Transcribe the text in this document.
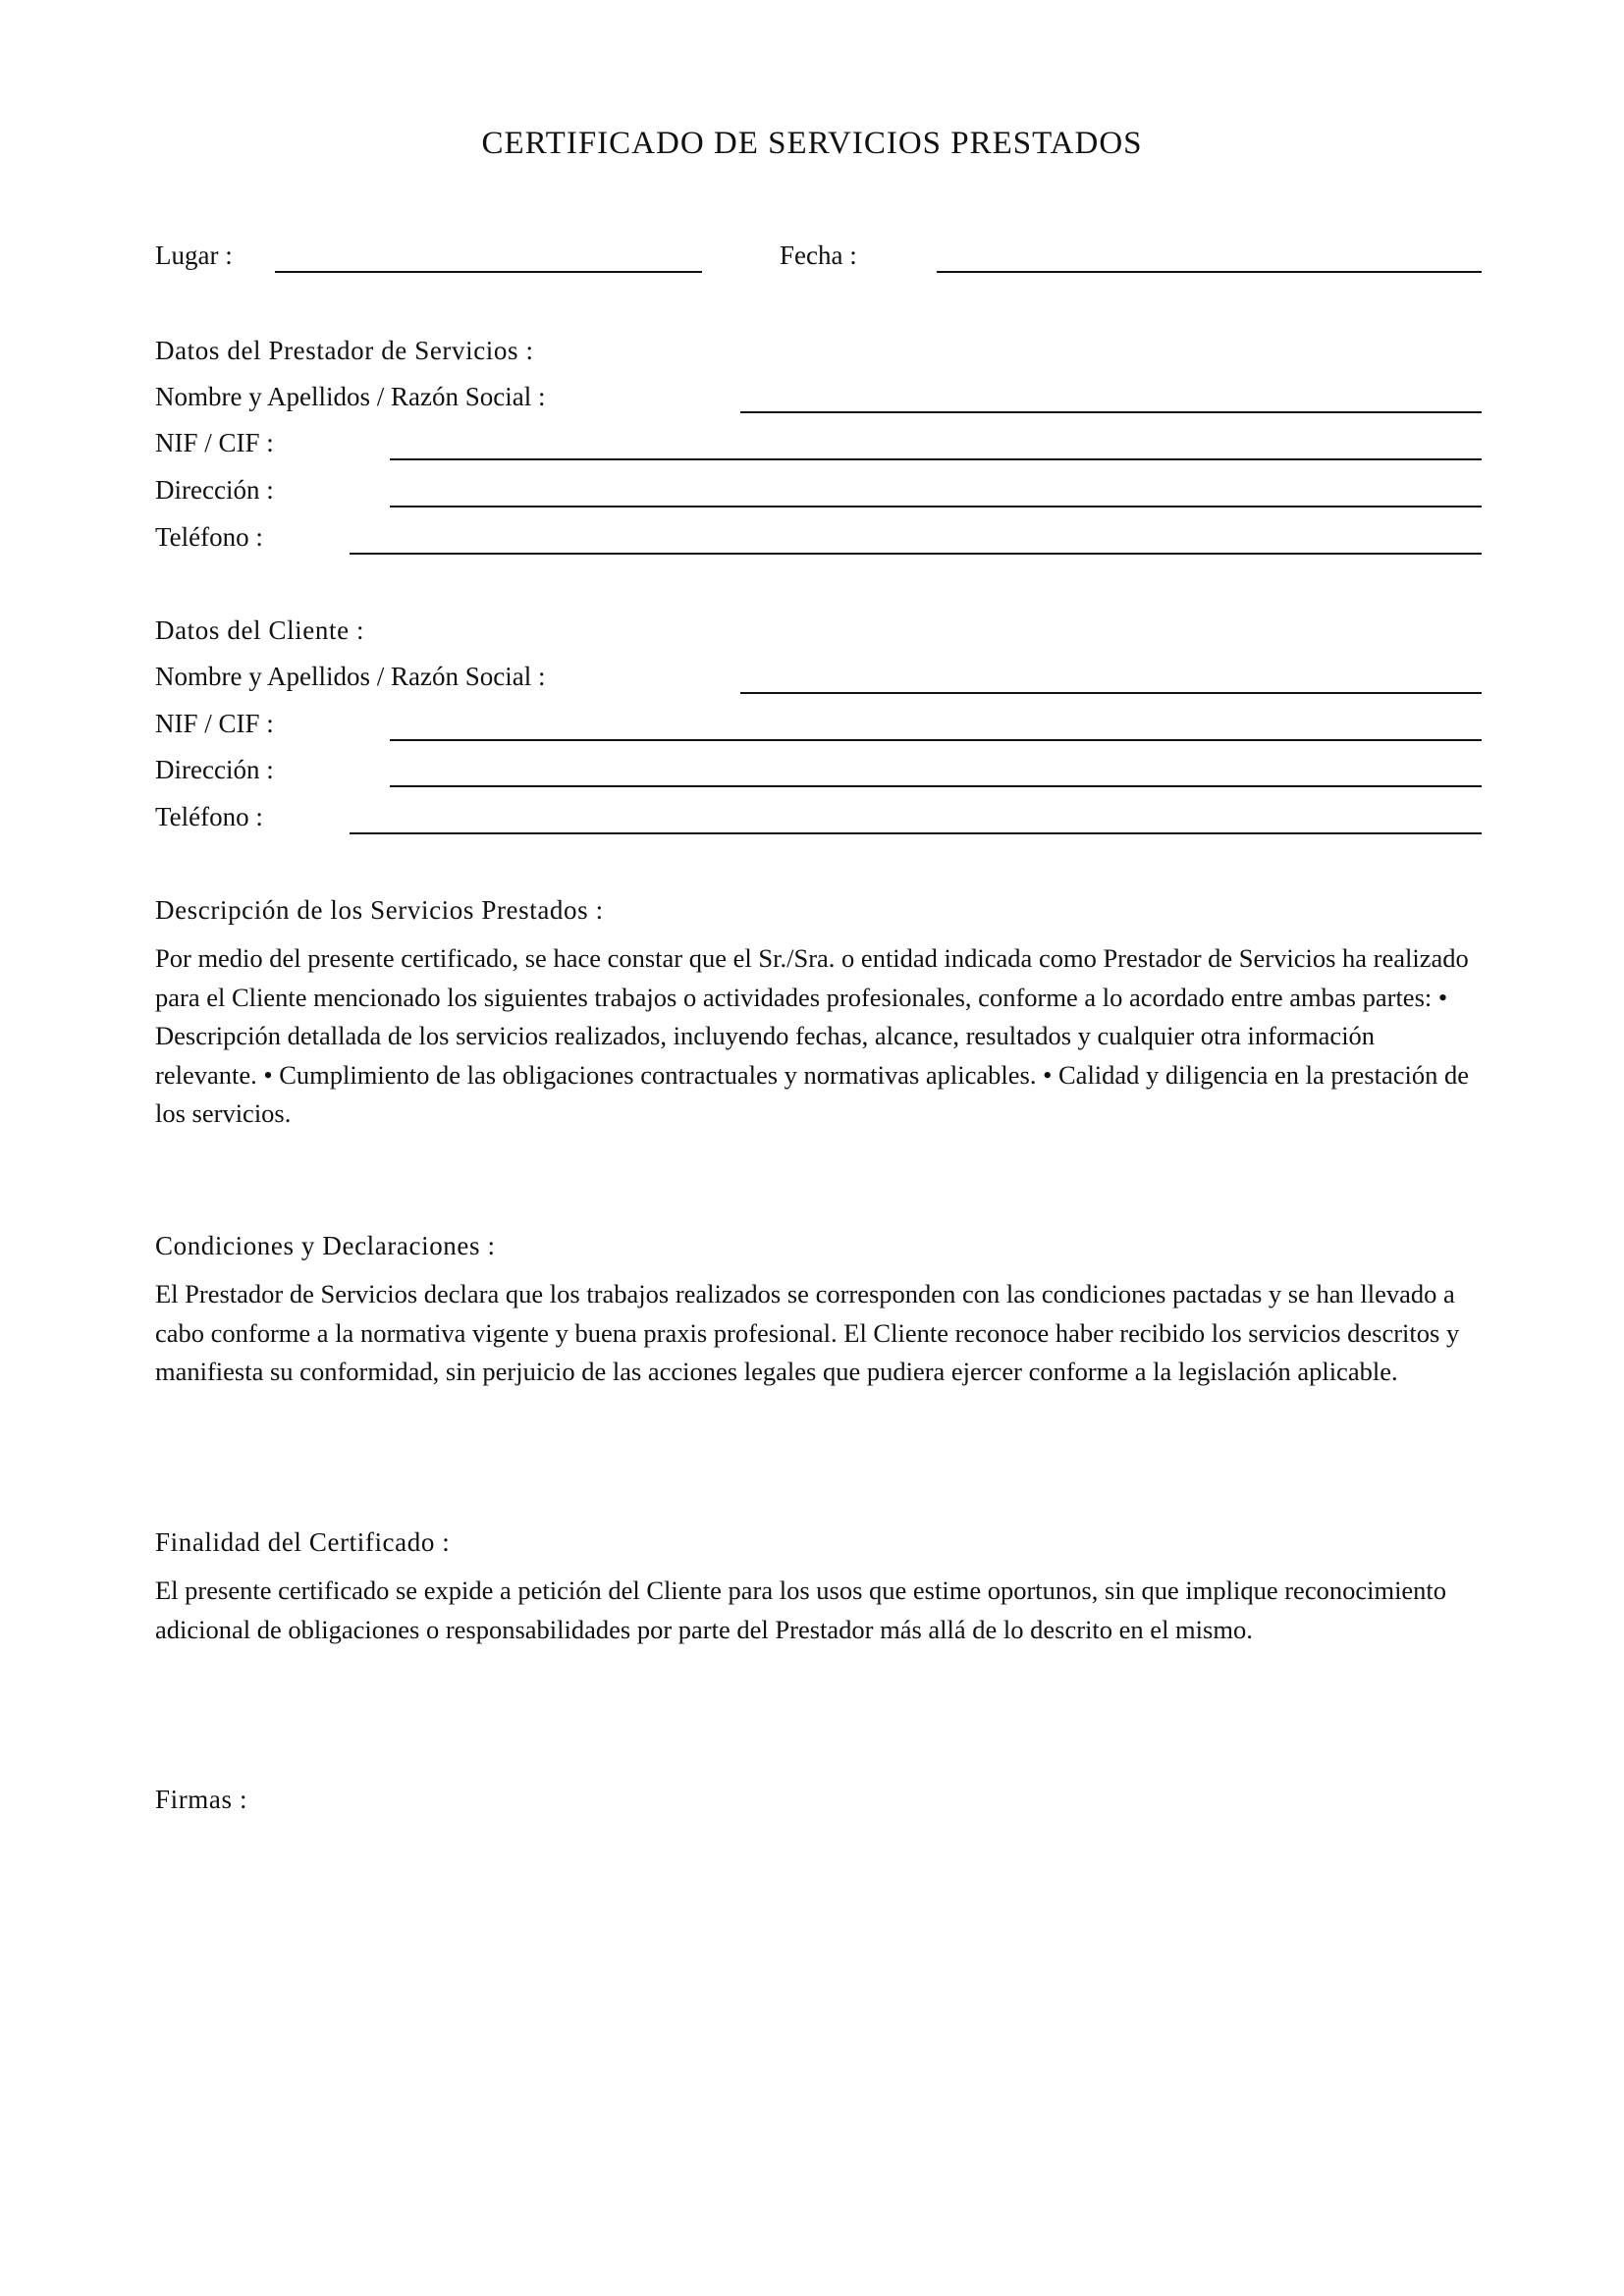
CERTIFICADO DE SERVICIOS PRESTADOS
Lugar :	Fecha :
Datos del Prestador de Servicios :
Nombre y Apellidos / Razón Social :
NIF / CIF :
Dirección :
Teléfono :
Datos del Cliente :
Nombre y Apellidos / Razón Social :
NIF / CIF :
Dirección :
Teléfono :
Descripción de los Servicios Prestados :

Por medio del presente certificado, se hace constar que el Sr./Sra. o entidad indicada como Prestador de Servicios ha realizado para el Cliente mencionado los siguientes trabajos o actividades profesionales, conforme a lo acordado entre ambas partes: • Descripción detallada de los servicios realizados, incluyendo fechas, alcance, resultados y cualquier otra información relevante. • Cumplimiento de las obligaciones contractuales y normativas aplicables. • Calidad y diligencia en la prestación de los servicios.

Condiciones y Declaraciones :

El Prestador de Servicios declara que los trabajos realizados se corresponden con las condiciones pactadas y se han llevado a cabo conforme a la normativa vigente y buena praxis profesional. El Cliente reconoce haber recibido los servicios descritos y manifiesta su conformidad, sin perjuicio de las acciones legales que pudiera ejercer conforme a la legislación aplicable.

Finalidad del Certificado :

El presente certificado se expide a petición del Cliente para los usos que estime oportunos, sin que implique reconocimiento adicional de obligaciones o responsabilidades por parte del Prestador más allá de lo descrito en el mismo.

Firmas :
